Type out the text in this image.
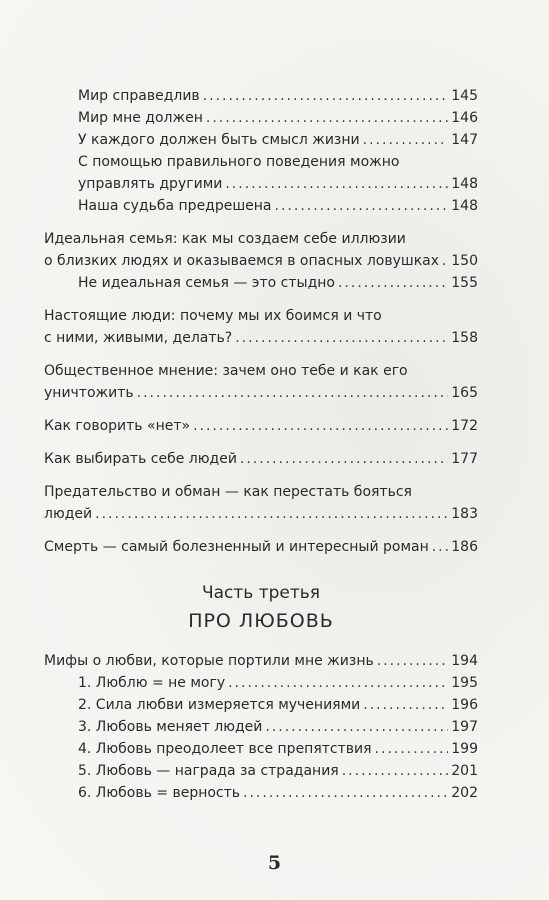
Мир справедлив .....	145
Мир мне должен .....	146
У каждого должен быть смысл жизни .....	147
С помощью правильного поведения можно
управлять другими .....	148
Наша судьба предрешена .....	148
Идеальная семья: как мы создаем себе иллюзии
о близких людях и оказываемся в опасных ловушках ..... 150
Не идеальная семья — это стыдно .....	155
Настоящие люди: почему мы их боимся и что
с ними, живыми, делать? .....	158
Общественное мнение: зачем оно тебе и как его
уничтожить .....	165
Как говорить «нет» .....	172
Как выбирать себе людей .....	177
Предательство и обман — как перестать бояться
людей .....	183
Смерть — самый болезненный и интересный роман ..... 186
Часть третья
ПРО ЛЮБОВЬ
Мифы о любви, которые портили мне жизнь .....	194
1. Люблю = не могу .....	195
2. Сила любви измеряется мучениями .....	196
3. Любовь меняет людей .....	197
4. Любовь преодолеет все препятствия .....	199
5. Любовь — награда за страдания .....	201
6. Любовь = верность .....	202
5
